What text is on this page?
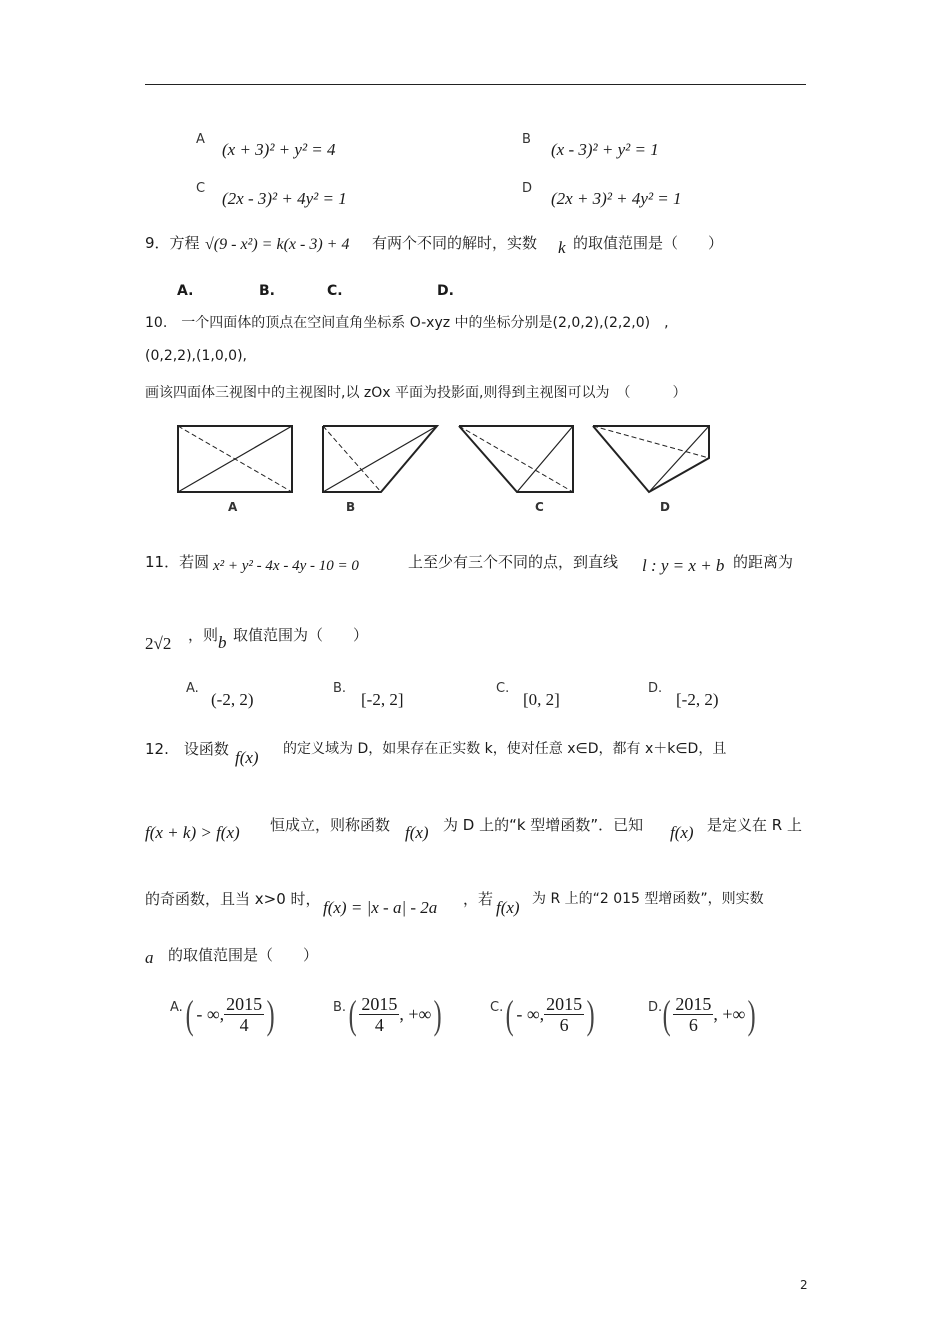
A
(x + 3)² + y² = 4
B
(x - 3)² + y² = 1
C
(2x - 3)² + 4y² = 1
D
(2x + 3)² + 4y² = 1
9．方程 √(9 - x²) = k(x - 3) + 4 有两个不同的解时，实数 k 的取值范围是（　　）
A.	B.	C.	D.
10.　一个四面体的顶点在空间直角坐标系 O-xyz 中的坐标分别是(2,0,2),(2,2,0)　,
(0,2,2),(1,0,0),
画该四面体三视图中的主视图时,以 zOx 平面为投影面,则得到主视图可以为　（　　　）
A	B	C	D
11．若圆 x² + y² - 4x - 4y - 10 = 0	上至少有三个不同的点，到直线 l : y = x + b 的距离为
2√2 ，则 b 取值范围为（　　）
A.
(-2, 2)
B.
[-2, 2]
C.
[0, 2]
D.
[-2, 2)
12.　设函数 f(x) 的定义域为 D，如果存在正实数 k，使对任意 x∈D，都有 x＋k∈D，且
f(x + k) > f(x) 恒成立，则称函数 f(x) 为 D 上的“k 型增函数”．已知 f(x) 是定义在 R 上
的奇函数，且当 x>0 时， f(x) = |x - a| - 2a ，若 f(x) 为 R 上的“2 015 型增函数”，则实数
a 的取值范围是（　　）
A. ( - ∞, $\frac{2015}{4}$ )	B. ( $\frac{2015}{4}$ , +∞)	C. ( - ∞, $\frac{2015}{6}$ )	D. ( $\frac{2015}{6}$ , +∞)
2
